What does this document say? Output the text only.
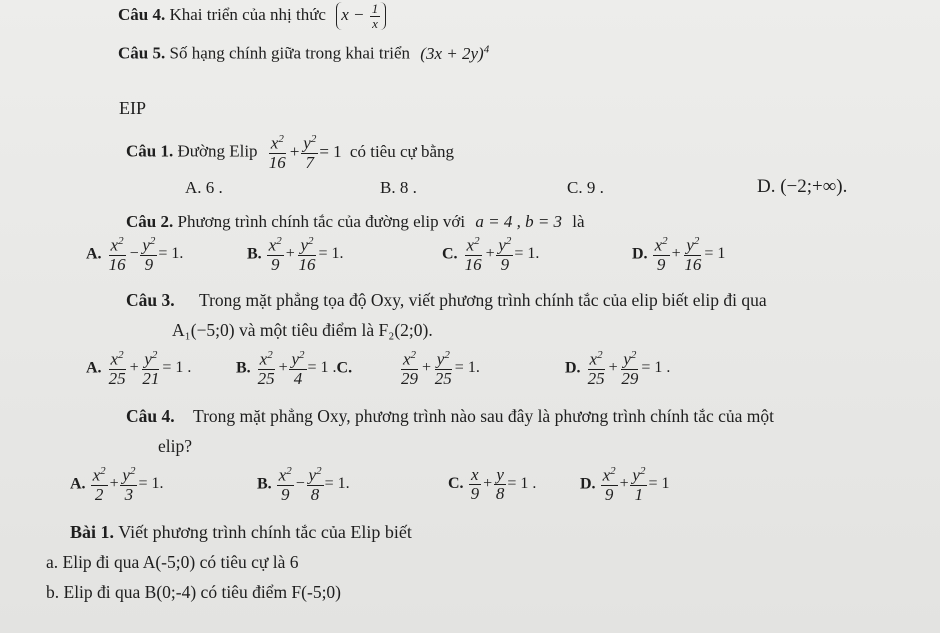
Câu 4. Khai triển của nhị thức $x - \frac{1}{x}$
Câu 5. Số hạng chính giữa trong khai triển $(3x + 2y)^4$
EIP
Câu 1. Đường Elip $\frac{x^2}{16} + \frac{y^2}{7} = 1$ có tiêu cự bằng
A. 6 .	B. 8 .	C. 9 .	D. (−2;+∞).
Câu 2. Phương trình chính tắc của đường elip với a = 4 , b = 3 là
A. $\frac{x^2}{16} - \frac{y^2}{9} = 1$.	B. $\frac{x^2}{9} + \frac{y^2}{16} = 1$.	C. $\frac{x^2}{16} + \frac{y^2}{9} = 1$.	D. $\frac{x^2}{9} + \frac{y^2}{16} = 1$
Câu 3. Trong mặt phẳng tọa độ Oxy, viết phương trình chính tắc của elip biết elip đi qua
A₁(−5;0) và một tiêu điểm là F₂(2;0).
A. $\frac{x^2}{25} + \frac{y^2}{21} = 1$ .	B. $\frac{x^2}{25} + \frac{y^2}{4} = 1$ .C.	$\frac{x^2}{29} + \frac{y^2}{25} = 1$.	D. $\frac{x^2}{25} + \frac{y^2}{29} = 1$ .
Câu 4. Trong mặt phẳng Oxy, phương trình nào sau đây là phương trình chính tắc của một
elip?
A. $\frac{x^2}{2} + \frac{y^2}{3} = 1$.	B. $\frac{x^2}{9} - \frac{y^2}{8} = 1$.	C. $\frac{x}{9} + \frac{y}{8} = 1$ .	D. $\frac{x^2}{9} + \frac{y^2}{1} = 1$
Bài 1. Viết phương trình chính tắc của Elip biết
a. Elip đi qua A(-5;0) có tiêu cự là 6
b. Elip đi qua B(0;-4) có tiêu điểm F(-5;0)
